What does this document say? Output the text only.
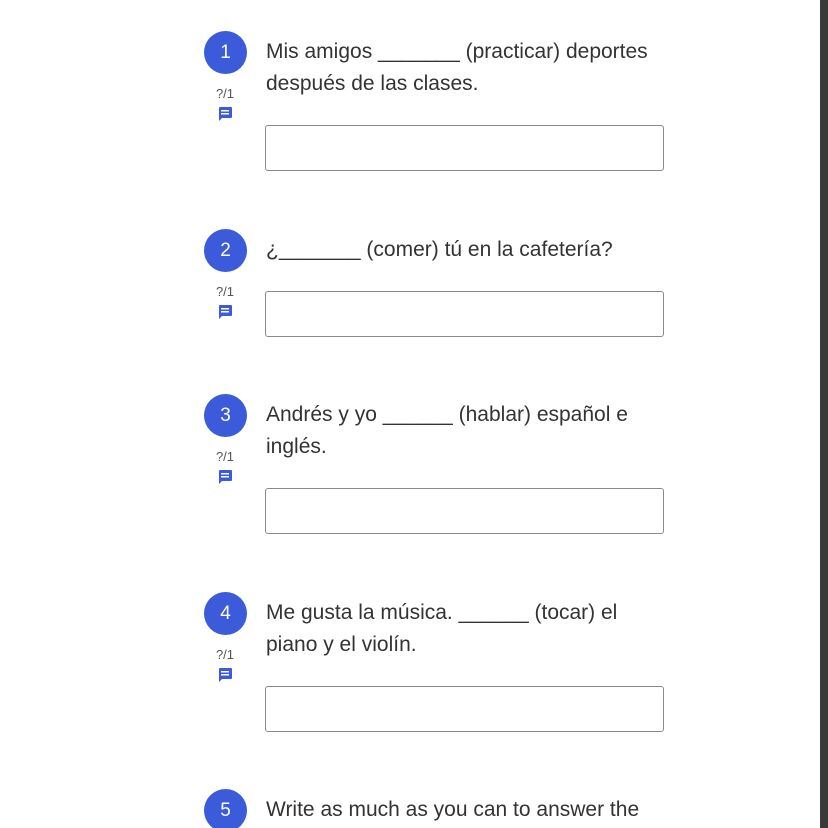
1
?/1
Mis amigos _______ (practicar) deportes después de las clases.
2
?/1
¿_______ (comer) tú en la cafetería?
3
?/1
Andrés y yo ______ (hablar) español e inglés.
4
?/1
Me gusta la música. ______ (tocar) el piano y el violín.
5	Write as much as you can to answer the
